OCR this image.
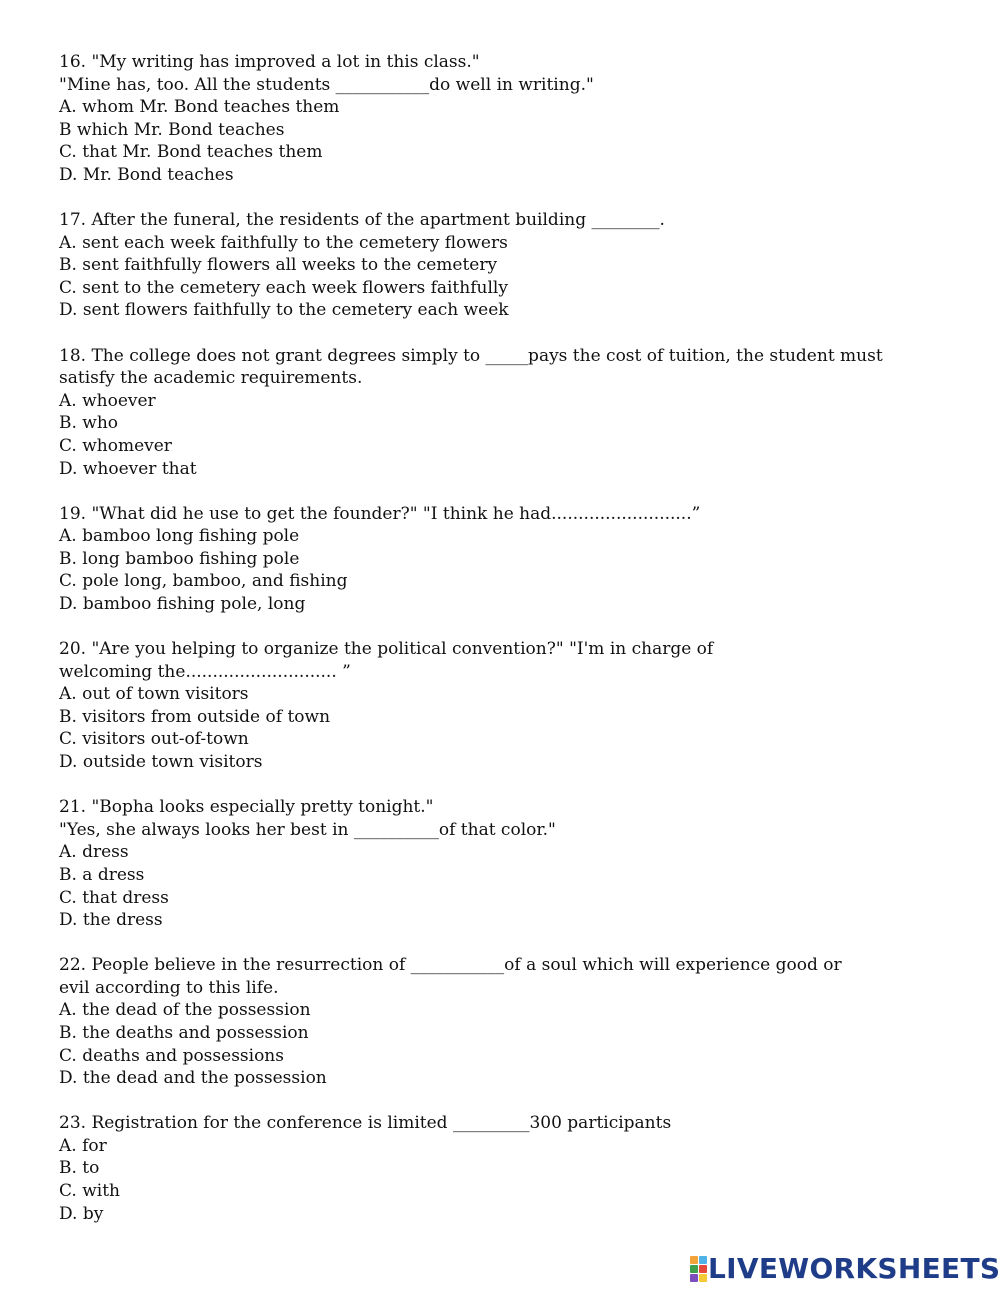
16. "My writing has improved a lot in this class."
"Mine has, too. All the students ___________do well in writing."
A. whom Mr. Bond teaches them
B which Mr. Bond teaches
C. that Mr. Bond teaches them
D. Mr. Bond teaches
17. After the funeral, the residents of the apartment building ________.
A. sent each week faithfully to the cemetery flowers
B. sent faithfully flowers all weeks to the cemetery
C. sent to the cemetery each week flowers faithfully
D. sent flowers faithfully to the cemetery each week
18. The college does not grant degrees simply to _____pays the cost of tuition, the student must
satisfy the academic requirements.
A. whoever
B. who
C. whomever
D. whoever that
19. "What did he use to get the founder?" "I think he had..........................”
A. bamboo long fishing pole
B. long bamboo fishing pole
C. pole long, bamboo, and fishing
D. bamboo fishing pole, long
20. "Are you helping to organize the political convention?" "I'm in charge of
welcoming the............................ ”
A. out of town visitors
B. visitors from outside of town
C. visitors out-of-town
D. outside town visitors
21. "Bopha looks especially pretty tonight."
"Yes, she always looks her best in __________of that color."
A. dress
B. a dress
C. that dress
D. the dress
22. People believe in the resurrection of ___________of a soul which will experience good or
evil according to this life.
A. the dead of the possession
B. the deaths and possession
C. deaths and possessions
D. the dead and the possession
23. Registration for the conference is limited _________300 participants
A. for
B. to
C. with
D. by
LIVEWORKSHEETS
